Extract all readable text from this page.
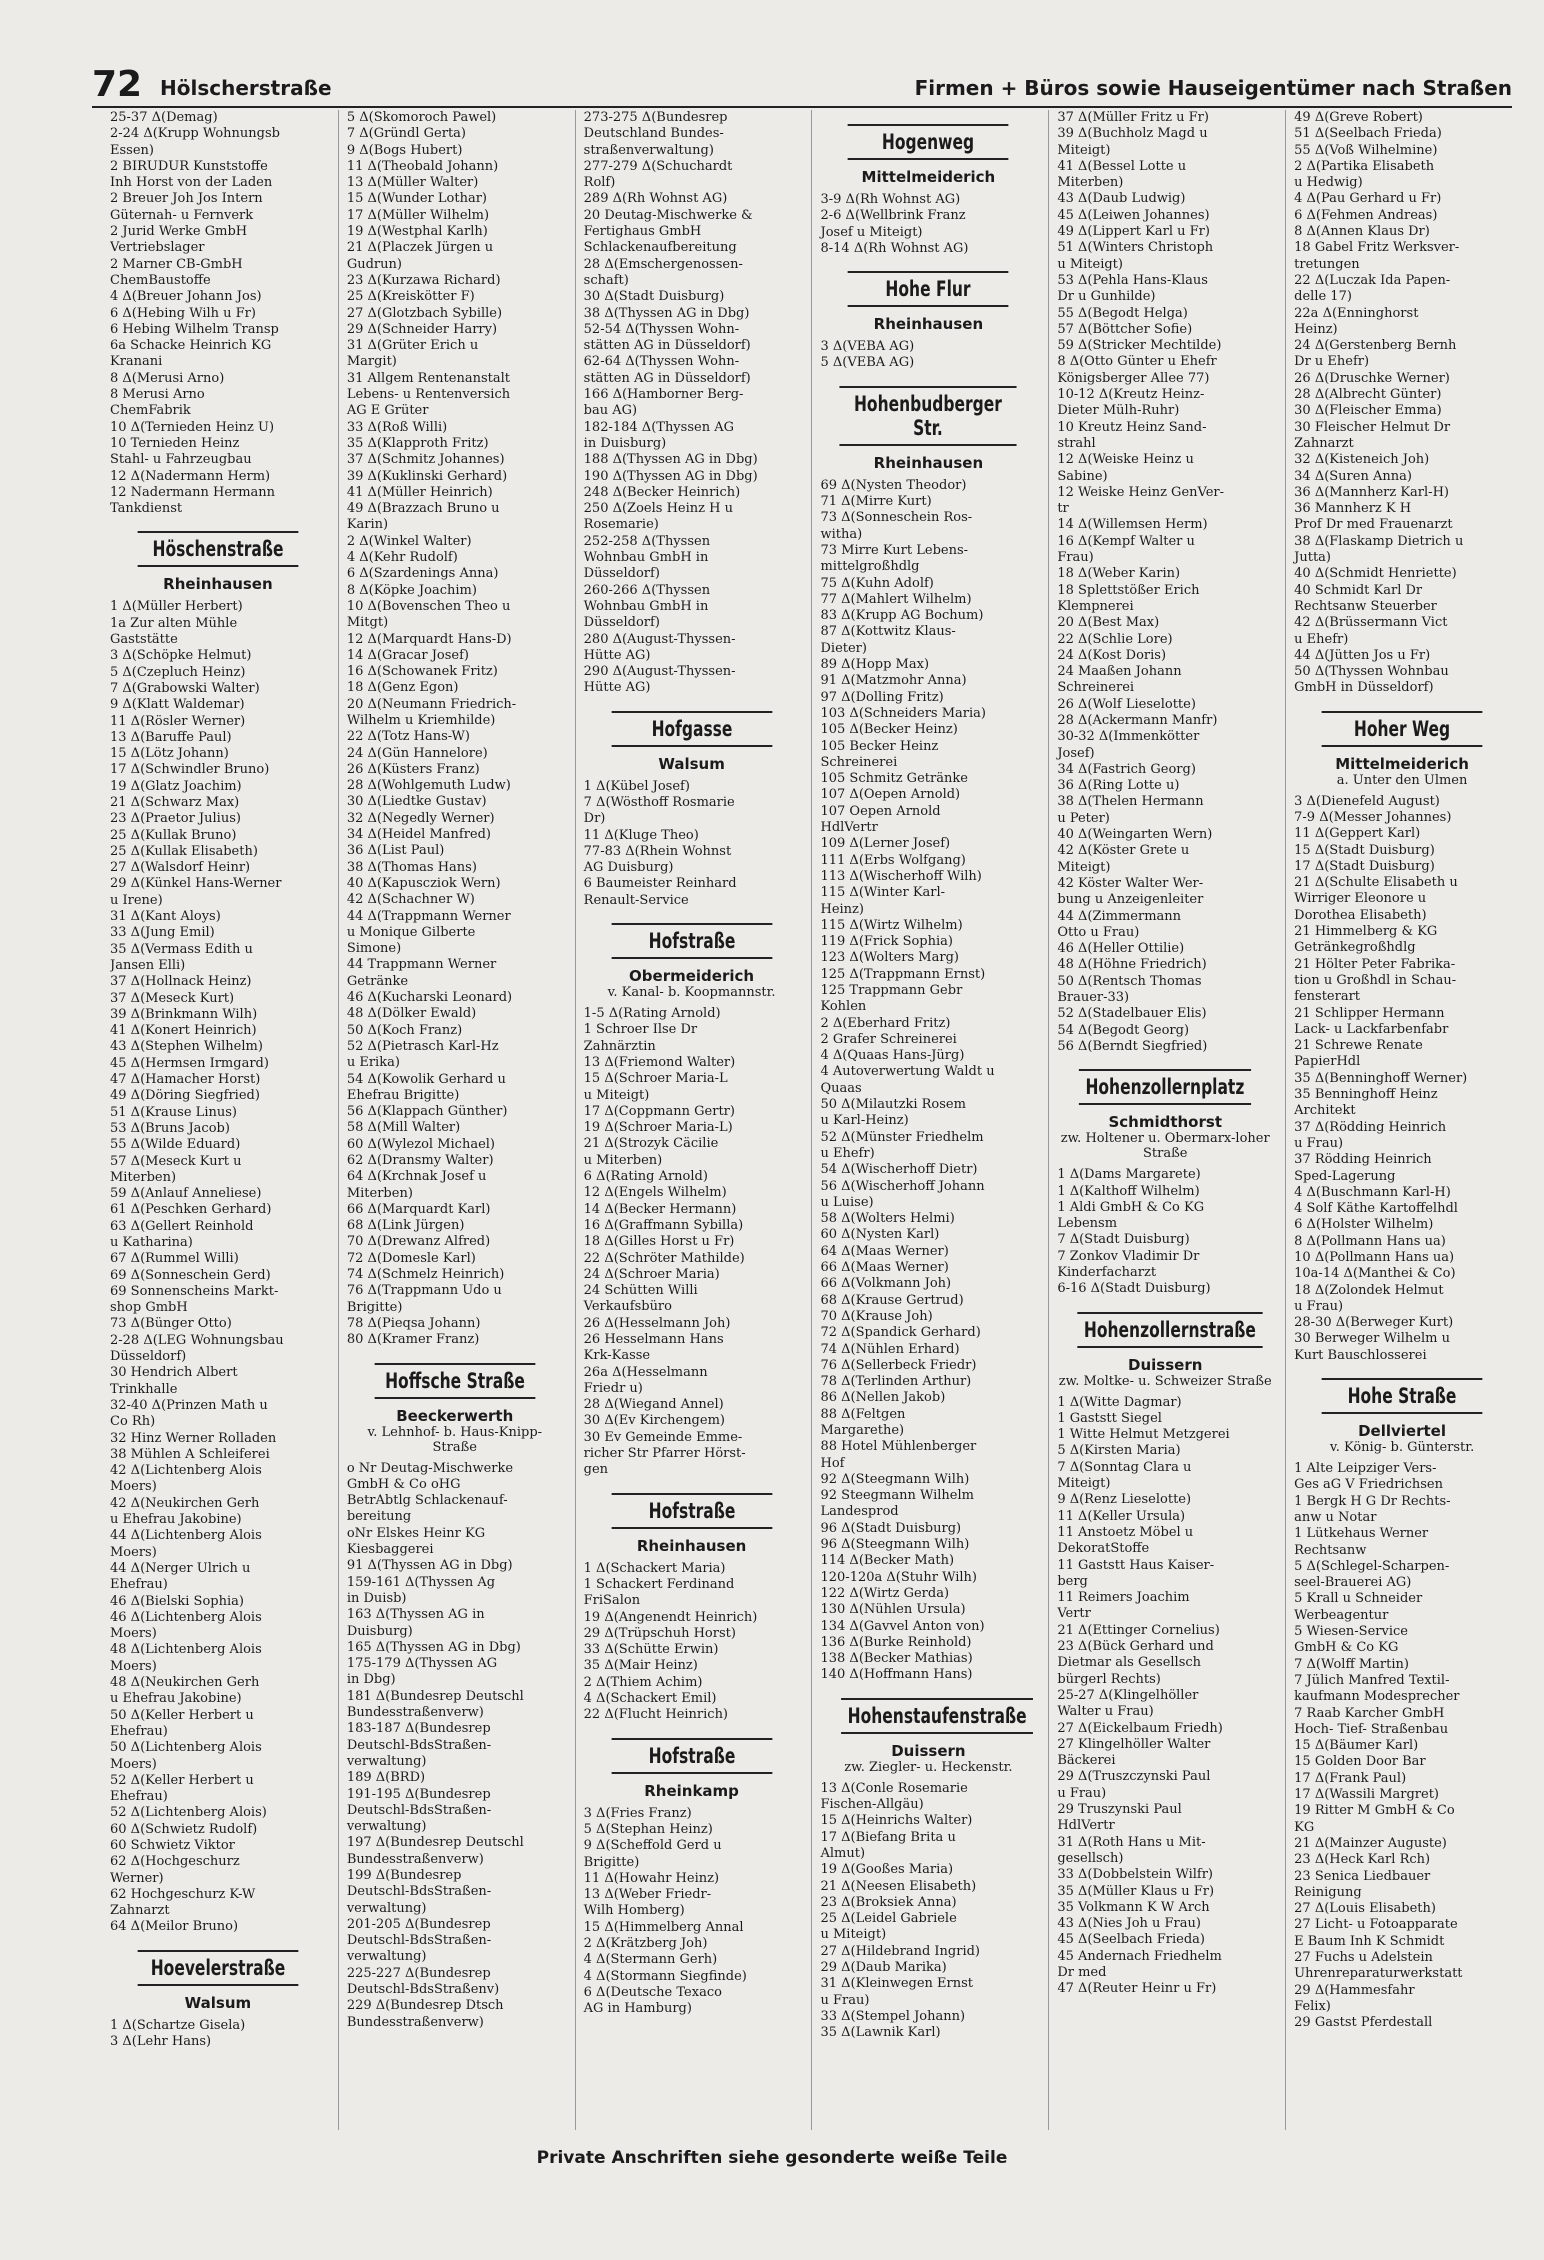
72 Hölscherstraße	Firmen + Büros sowie Hauseigentümer nach Straßen
25-37 Δ(Demag)
2-24 Δ(Krupp Wohnungsb
Essen)
2 BIRUDUR Kunststoffe
Inh Horst von der Laden
2 Breuer Joh Jos Intern
Güternah- u Fernverk
2 Jurid Werke GmbH
Vertriebslager
2 Marner CB-GmbH
ChemBaustoffe
4 Δ(Breuer Johann Jos)
6 Δ(Hebing Wilh u Fr)
6 Hebing Wilhelm Transp
6a Schacke Heinrich KG
Kranani
8 Δ(Merusi Arno)
8 Merusi Arno
ChemFabrik
10 Δ(Ternieden Heinz U)
10 Ternieden Heinz
Stahl- u Fahrzeugbau
12 Δ(Nadermann Herm)
12 Nadermann Hermann
Tankdienst
Höschenstraße
Rheinhausen
1 Δ(Müller Herbert)
1a Zur alten Mühle
Gaststätte
3 Δ(Schöpke Helmut)
5 Δ(Czepluch Heinz)
7 Δ(Grabowski Walter)
9 Δ(Klatt Waldemar)
11 Δ(Rösler Werner)
13 Δ(Baruffe Paul)
15 Δ(Lötz Johann)
17 Δ(Schwindler Bruno)
19 Δ(Glatz Joachim)
21 Δ(Schwarz Max)
23 Δ(Praetor Julius)
25 Δ(Kullak Bruno)
25 Δ(Kullak Elisabeth)
27 Δ(Walsdorf Heinr)
29 Δ(Künkel Hans-Werner
u Irene)
31 Δ(Kant Aloys)
33 Δ(Jung Emil)
35 Δ(Vermass Edith u
Jansen Elli)
37 Δ(Hollnack Heinz)
37 Δ(Meseck Kurt)
39 Δ(Brinkmann Wilh)
41 Δ(Konert Heinrich)
43 Δ(Stephen Wilhelm)
45 Δ(Hermsen Irmgard)
47 Δ(Hamacher Horst)
49 Δ(Döring Siegfried)
51 Δ(Krause Linus)
53 Δ(Bruns Jacob)
55 Δ(Wilde Eduard)
57 Δ(Meseck Kurt u
Miterben)
59 Δ(Anlauf Anneliese)
61 Δ(Peschken Gerhard)
63 Δ(Gellert Reinhold
u Katharina)
67 Δ(Rummel Willi)
69 Δ(Sonneschein Gerd)
69 Sonnenscheins Markt-
shop GmbH
73 Δ(Bünger Otto)
2-28 Δ(LEG Wohnungsbau
Düsseldorf)
30 Hendrich Albert
Trinkhalle
32-40 Δ(Prinzen Math u
Co Rh)
32 Hinz Werner Rolladen
38 Mühlen A Schleiferei
42 Δ(Lichtenberg Alois
Moers)
42 Δ(Neukirchen Gerh
u Ehefrau Jakobine)
44 Δ(Lichtenberg Alois
Moers)
44 Δ(Nerger Ulrich u
Ehefrau)
46 Δ(Bielski Sophia)
46 Δ(Lichtenberg Alois
Moers)
48 Δ(Lichtenberg Alois
Moers)
48 Δ(Neukirchen Gerh
u Ehefrau Jakobine)
50 Δ(Keller Herbert u
Ehefrau)
50 Δ(Lichtenberg Alois
Moers)
52 Δ(Keller Herbert u
Ehefrau)
52 Δ(Lichtenberg Alois)
60 Δ(Schwietz Rudolf)
60 Schwietz Viktor
62 Δ(Hochgeschurz
Werner)
62 Hochgeschurz K-W
Zahnarzt
64 Δ(Meilor Bruno)
Hoevelerstraße
Walsum
1 Δ(Schartze Gisela)
3 Δ(Lehr Hans)
5 Δ(Skomoroch Pawel)
7 Δ(Gründl Gerta)
9 Δ(Bogs Hubert)
11 Δ(Theobald Johann)
13 Δ(Müller Walter)
15 Δ(Wunder Lothar)
17 Δ(Müller Wilhelm)
19 Δ(Westphal Karlh)
21 Δ(Placzek Jürgen u
Gudrun)
23 Δ(Kurzawa Richard)
25 Δ(Kreiskötter F)
27 Δ(Glotzbach Sybille)
29 Δ(Schneider Harry)
31 Δ(Grüter Erich u
Margit)
31 Allgem Rentenanstalt
Lebens- u Rentenversich
AG E Grüter
33 Δ(Roß Willi)
35 Δ(Klapproth Fritz)
37 Δ(Schmitz Johannes)
39 Δ(Kuklinski Gerhard)
41 Δ(Müller Heinrich)
49 Δ(Brazzach Bruno u
Karin)
2 Δ(Winkel Walter)
4 Δ(Kehr Rudolf)
6 Δ(Szardenings Anna)
8 Δ(Köpke Joachim)
10 Δ(Bovenschen Theo u
Mitgt)
12 Δ(Marquardt Hans-D)
14 Δ(Gracar Josef)
16 Δ(Schowanek Fritz)
18 Δ(Genz Egon)
20 Δ(Neumann Friedrich-
Wilhelm u Kriemhilde)
22 Δ(Totz Hans-W)
24 Δ(Gün Hannelore)
26 Δ(Küsters Franz)
28 Δ(Wohlgemuth Ludw)
30 Δ(Liedtke Gustav)
32 Δ(Negedly Werner)
34 Δ(Heidel Manfred)
36 Δ(List Paul)
38 Δ(Thomas Hans)
40 Δ(Kapuscziok Wern)
42 Δ(Schachner W)
44 Δ(Trappmann Werner
u Monique Gilberte
Simone)
44 Trappmann Werner
Getränke
46 Δ(Kucharski Leonard)
48 Δ(Dölker Ewald)
50 Δ(Koch Franz)
52 Δ(Pietrasch Karl-Hz
u Erika)
54 Δ(Kowolik Gerhard u
Ehefrau Brigitte)
56 Δ(Klappach Günther)
58 Δ(Mill Walter)
60 Δ(Wylezol Michael)
62 Δ(Dransmy Walter)
64 Δ(Krchnak Josef u
Miterben)
66 Δ(Marquardt Karl)
68 Δ(Link Jürgen)
70 Δ(Drewanz Alfred)
72 Δ(Domesle Karl)
74 Δ(Schmelz Heinrich)
76 Δ(Trappmann Udo u
Brigitte)
78 Δ(Pieqsa Johann)
80 Δ(Kramer Franz)
Hoffsche Straße
Beeckerwerth
v. Lehnhof- b. Haus-Knipp-Straße
o Nr Deutag-Mischwerke
GmbH & Co oHG
BetrAbtlg Schlackenauf-
bereitung
oNr Elskes Heinr KG
Kiesbaggerei
91 Δ(Thyssen AG in Dbg)
159-161 Δ(Thyssen Ag
in Duisb)
163 Δ(Thyssen AG in
Duisburg)
165 Δ(Thyssen AG in Dbg)
175-179 Δ(Thyssen AG
in Dbg)
181 Δ(Bundesrep Deutschl
Bundesstraßenverw)
183-187 Δ(Bundesrep
Deutschl-BdsStraßen-
verwaltung)
189 Δ(BRD)
191-195 Δ(Bundesrep
Deutschl-BdsStraßen-
verwaltung)
197 Δ(Bundesrep Deutschl
Bundesstraßenverw)
199 Δ(Bundesrep
Deutschl-BdsStraßen-
verwaltung)
201-205 Δ(Bundesrep
Deutschl-BdsStraßen-
verwaltung)
225-227 Δ(Bundesrep
Deutschl-BdsStraßenv)
229 Δ(Bundesrep Dtsch
Bundesstraßenverw)
273-275 Δ(Bundesrep
Deutschland Bundes-
straßenverwaltung)
277-279 Δ(Schuchardt
Rolf)
289 Δ(Rh Wohnst AG)
20 Deutag-Mischwerke &
Fertighaus GmbH
Schlackenaufbereitung
28 Δ(Emschergenossen-
schaft)
30 Δ(Stadt Duisburg)
38 Δ(Thyssen AG in Dbg)
52-54 Δ(Thyssen Wohn-
stätten AG in Düsseldorf)
62-64 Δ(Thyssen Wohn-
stätten AG in Düsseldorf)
166 Δ(Hamborner Berg-
bau AG)
182-184 Δ(Thyssen AG
in Duisburg)
188 Δ(Thyssen AG in Dbg)
190 Δ(Thyssen AG in Dbg)
248 Δ(Becker Heinrich)
250 Δ(Zoels Heinz H u
Rosemarie)
252-258 Δ(Thyssen
Wohnbau GmbH in
Düsseldorf)
260-266 Δ(Thyssen
Wohnbau GmbH in
Düsseldorf)
280 Δ(August-Thyssen-
Hütte AG)
290 Δ(August-Thyssen-
Hütte AG)
Hofgasse
Walsum
1 Δ(Kübel Josef)
7 Δ(Wösthoff Rosmarie
Dr)
11 Δ(Kluge Theo)
77-83 Δ(Rhein Wohnst
AG Duisburg)
6 Baumeister Reinhard
Renault-Service
Hofstraße
Obermeiderich
v. Kanal- b. Koopmannstr.
1-5 Δ(Rating Arnold)
1 Schroer Ilse Dr
Zahnärztin
13 Δ(Friemond Walter)
15 Δ(Schroer Maria-L
u Miteigt)
17 Δ(Coppmann Gertr)
19 Δ(Schroer Maria-L)
21 Δ(Strozyk Cäcilie
u Miterben)
6 Δ(Rating Arnold)
12 Δ(Engels Wilhelm)
14 Δ(Becker Hermann)
16 Δ(Graffmann Sybilla)
18 Δ(Gilles Horst u Fr)
22 Δ(Schröter Mathilde)
24 Δ(Schroer Maria)
24 Schütten Willi
Verkaufsbüro
26 Δ(Hesselmann Joh)
26 Hesselmann Hans
Krk-Kasse
26a Δ(Hesselmann
Friedr u)
28 Δ(Wiegand Annel)
30 Δ(Ev Kirchengem)
30 Ev Gemeinde Emme-
richer Str Pfarrer Hörst-
gen
Hofstraße
Rheinhausen
1 Δ(Schackert Maria)
1 Schackert Ferdinand
FriSalon
19 Δ(Angenendt Heinrich)
29 Δ(Trüpschuh Horst)
33 Δ(Schütte Erwin)
35 Δ(Mair Heinz)
2 Δ(Thiem Achim)
4 Δ(Schackert Emil)
22 Δ(Flucht Heinrich)
Hofstraße
Rheinkamp
3 Δ(Fries Franz)
5 Δ(Stephan Heinz)
9 Δ(Scheffold Gerd u
Brigitte)
11 Δ(Howahr Heinz)
13 Δ(Weber Friedr-
Wilh Homberg)
15 Δ(Himmelberg Annal
2 Δ(Krätzberg Joh)
4 Δ(Stermann Gerh)
4 Δ(Stormann Siegfinde)
6 Δ(Deutsche Texaco
AG in Hamburg)
Hogenweg
Mittelmeiderich
3-9 Δ(Rh Wohnst AG)
2-6 Δ(Wellbrink Franz
Josef u Miteigt)
8-14 Δ(Rh Wohnst AG)
Hohe Flur
Rheinhausen
3 Δ(VEBA AG)
5 Δ(VEBA AG)
Hohenbudberger Str.
Rheinhausen
69 Δ(Nysten Theodor)
71 Δ(Mirre Kurt)
73 Δ(Sonneschein Ros-
witha)
73 Mirre Kurt Lebens-
mittelgroßhdlg
75 Δ(Kuhn Adolf)
77 Δ(Mahlert Wilhelm)
83 Δ(Krupp AG Bochum)
87 Δ(Kottwitz Klaus-
Dieter)
89 Δ(Hopp Max)
91 Δ(Matzmohr Anna)
97 Δ(Dolling Fritz)
103 Δ(Schneiders Maria)
105 Δ(Becker Heinz)
105 Becker Heinz
Schreinerei
105 Schmitz Getränke
107 Δ(Oepen Arnold)
107 Oepen Arnold
HdlVertr
109 Δ(Lerner Josef)
111 Δ(Erbs Wolfgang)
113 Δ(Wischerhoff Wilh)
115 Δ(Winter Karl-
Heinz)
115 Δ(Wirtz Wilhelm)
119 Δ(Frick Sophia)
123 Δ(Wolters Marg)
125 Δ(Trappmann Ernst)
125 Trappmann Gebr
Kohlen
2 Δ(Eberhard Fritz)
2 Grafer Schreinerei
4 Δ(Quaas Hans-Jürg)
4 Autoverwertung Waldt u
Quaas
50 Δ(Milautzki Rosem
u Karl-Heinz)
52 Δ(Münster Friedhelm
u Ehefr)
54 Δ(Wischerhoff Dietr)
56 Δ(Wischerhoff Johann
u Luise)
58 Δ(Wolters Helmi)
60 Δ(Nysten Karl)
64 Δ(Maas Werner)
66 Δ(Maas Werner)
66 Δ(Volkmann Joh)
68 Δ(Krause Gertrud)
70 Δ(Krause Joh)
72 Δ(Spandick Gerhard)
74 Δ(Nühlen Erhard)
76 Δ(Sellerbeck Friedr)
78 Δ(Terlinden Arthur)
86 Δ(Nellen Jakob)
88 Δ(Feltgen
Margarethe)
88 Hotel Mühlenberger
Hof
92 Δ(Steegmann Wilh)
92 Steegmann Wilhelm
Landesprod
96 Δ(Stadt Duisburg)
96 Δ(Steegmann Wilh)
114 Δ(Becker Math)
120-120a Δ(Stuhr Wilh)
122 Δ(Wirtz Gerda)
130 Δ(Nühlen Ursula)
134 Δ(Gavvel Anton von)
136 Δ(Burke Reinhold)
138 Δ(Becker Mathias)
140 Δ(Hoffmann Hans)
Hohenstaufenstraße
Duissern
zw. Ziegler- u. Heckenstr.
13 Δ(Conle Rosemarie
Fischen-Allgäu)
15 Δ(Heinrichs Walter)
17 Δ(Biefang Brita u
Almut)
19 Δ(Gooßes Maria)
21 Δ(Neesen Elisabeth)
23 Δ(Broksiek Anna)
25 Δ(Leidel Gabriele
u Miteigt)
27 Δ(Hildebrand Ingrid)
29 Δ(Daub Marika)
31 Δ(Kleinwegen Ernst
u Frau)
33 Δ(Stempel Johann)
35 Δ(Lawnik Karl)
37 Δ(Müller Fritz u Fr)
39 Δ(Buchholz Magd u
Miteigt)
41 Δ(Bessel Lotte u
Miterben)
43 Δ(Daub Ludwig)
45 Δ(Leiwen Johannes)
49 Δ(Lippert Karl u Fr)
51 Δ(Winters Christoph
u Miteigt)
53 Δ(Pehla Hans-Klaus
Dr u Gunhilde)
55 Δ(Begodt Helga)
57 Δ(Böttcher Sofie)
59 Δ(Stricker Mechtilde)
8 Δ(Otto Günter u Ehefr
Königsberger Allee 77)
10-12 Δ(Kreutz Heinz-
Dieter Mülh-Ruhr)
10 Kreutz Heinz Sand-
strahl
12 Δ(Weiske Heinz u
Sabine)
12 Weiske Heinz GenVer-
tr
14 Δ(Willemsen Herm)
16 Δ(Kempf Walter u
Frau)
18 Δ(Weber Karin)
18 Splettstößer Erich
Klempnerei
20 Δ(Best Max)
22 Δ(Schlie Lore)
24 Δ(Kost Doris)
24 Maaßen Johann
Schreinerei
26 Δ(Wolf Lieselotte)
28 Δ(Ackermann Manfr)
30-32 Δ(Immenkötter
Josef)
34 Δ(Fastrich Georg)
36 Δ(Ring Lotte u)
38 Δ(Thelen Hermann
u Peter)
40 Δ(Weingarten Wern)
42 Δ(Köster Grete u
Miteigt)
42 Köster Walter Wer-
bung u Anzeigenleiter
44 Δ(Zimmermann
Otto u Frau)
46 Δ(Heller Ottilie)
48 Δ(Höhne Friedrich)
50 Δ(Rentsch Thomas
Brauer-33)
52 Δ(Stadelbauer Elis)
54 Δ(Begodt Georg)
56 Δ(Berndt Siegfried)
Hohenzollernplatz
Schmidthorst
zw. Holtener u. Obermarx-loher Straße
1 Δ(Dams Margarete)
1 Δ(Kalthoff Wilhelm)
1 Aldi GmbH & Co KG
Lebensm
7 Δ(Stadt Duisburg)
7 Zonkov Vladimir Dr
Kinderfacharzt
6-16 Δ(Stadt Duisburg)
Hohenzollernstraße
Duissern
zw. Moltke- u. Schweizer Straße
1 Δ(Witte Dagmar)
1 Gaststt Siegel
1 Witte Helmut Metzgerei
5 Δ(Kirsten Maria)
7 Δ(Sonntag Clara u
Miteigt)
9 Δ(Renz Lieselotte)
11 Δ(Keller Ursula)
11 Anstoetz Möbel u
DekoratStoffe
11 Gaststt Haus Kaiser-
berg
11 Reimers Joachim
Vertr
21 Δ(Ettinger Cornelius)
23 Δ(Bück Gerhard und
Dietmar als Gesellsch
bürgerl Rechts)
25-27 Δ(Klingelhöller
Walter u Frau)
27 Δ(Eickelbaum Friedh)
27 Klingelhöller Walter
Bäckerei
29 Δ(Truszczynski Paul
u Frau)
29 Truszynski Paul
HdlVertr
31 Δ(Roth Hans u Mit-
gesellsch)
33 Δ(Dobbelstein Wilfr)
35 Δ(Müller Klaus u Fr)
35 Volkmann K W Arch
43 Δ(Nies Joh u Frau)
45 Δ(Seelbach Frieda)
45 Andernach Friedhelm
Dr med
47 Δ(Reuter Heinr u Fr)
49 Δ(Greve Robert)
51 Δ(Seelbach Frieda)
55 Δ(Voß Wilhelmine)
2 Δ(Partika Elisabeth
u Hedwig)
4 Δ(Pau Gerhard u Fr)
6 Δ(Fehmen Andreas)
8 Δ(Annen Klaus Dr)
18 Gabel Fritz Werksver-
tretungen
22 Δ(Luczak Ida Papen-
delle 17)
22a Δ(Enninghorst
Heinz)
24 Δ(Gerstenberg Bernh
Dr u Ehefr)
26 Δ(Druschke Werner)
28 Δ(Albrecht Günter)
30 Δ(Fleischer Emma)
30 Fleischer Helmut Dr
Zahnarzt
32 Δ(Kisteneich Joh)
34 Δ(Suren Anna)
36 Δ(Mannherz Karl-H)
36 Mannherz K H
Prof Dr med Frauenarzt
38 Δ(Flaskamp Dietrich u
Jutta)
40 Δ(Schmidt Henriette)
40 Schmidt Karl Dr
Rechtsanw Steuerber
42 Δ(Brüssermann Vict
u Ehefr)
44 Δ(Jütten Jos u Fr)
50 Δ(Thyssen Wohnbau
GmbH in Düsseldorf)
Hoher Weg
Mittelmeiderich
a. Unter den Ulmen
3 Δ(Dienefeld August)
7-9 Δ(Messer Johannes)
11 Δ(Geppert Karl)
15 Δ(Stadt Duisburg)
17 Δ(Stadt Duisburg)
21 Δ(Schulte Elisabeth u
Wirriger Eleonore u
Dorothea Elisabeth)
21 Himmelberg & KG
Getränkegroßhdlg
21 Hölter Peter Fabrika-
tion u Großhdl in Schau-
fensterart
21 Schlipper Hermann
Lack- u Lackfarbenfabr
21 Schrewe Renate
PapierHdl
35 Δ(Benninghoff Werner)
35 Benninghoff Heinz
Architekt
37 Δ(Rödding Heinrich
u Frau)
37 Rödding Heinrich
Sped-Lagerung
4 Δ(Buschmann Karl-H)
4 Solf Käthe Kartoffelhdl
6 Δ(Holster Wilhelm)
8 Δ(Pollmann Hans ua)
10 Δ(Pollmann Hans ua)
10a-14 Δ(Manthei & Co)
18 Δ(Zolondek Helmut
u Frau)
28-30 Δ(Berweger Kurt)
30 Berweger Wilhelm u
Kurt Bauschlosserei
Hohe Straße
Dellviertel
v. König- b. Günterstr.
1 Alte Leipziger Vers-
Ges aG V Friedrichsen
1 Bergk H G Dr Rechts-
anw u Notar
1 Lütkehaus Werner
Rechtsanw
5 Δ(Schlegel-Scharpen-
seel-Brauerei AG)
5 Krall u Schneider
Werbeagentur
5 Wiesen-Service
GmbH & Co KG
7 Δ(Wolff Martin)
7 Jülich Manfred Textil-
kaufmann Modesprecher
7 Raab Karcher GmbH
Hoch- Tief- Straßenbau
15 Δ(Bäumer Karl)
15 Golden Door Bar
17 Δ(Frank Paul)
17 Δ(Wassili Margret)
19 Ritter M GmbH & Co
KG
21 Δ(Mainzer Auguste)
23 Δ(Heck Karl Rch)
23 Senica Liedbauer
Reinigung
27 Δ(Louis Elisabeth)
27 Licht- u Fotoapparate
E Baum Inh K Schmidt
27 Fuchs u Adelstein
Uhrenreparaturwerkstatt
29 Δ(Hammesfahr
Felix)
29 Gastst Pferdestall
Private Anschriften siehe gesonderte weiße Teile
